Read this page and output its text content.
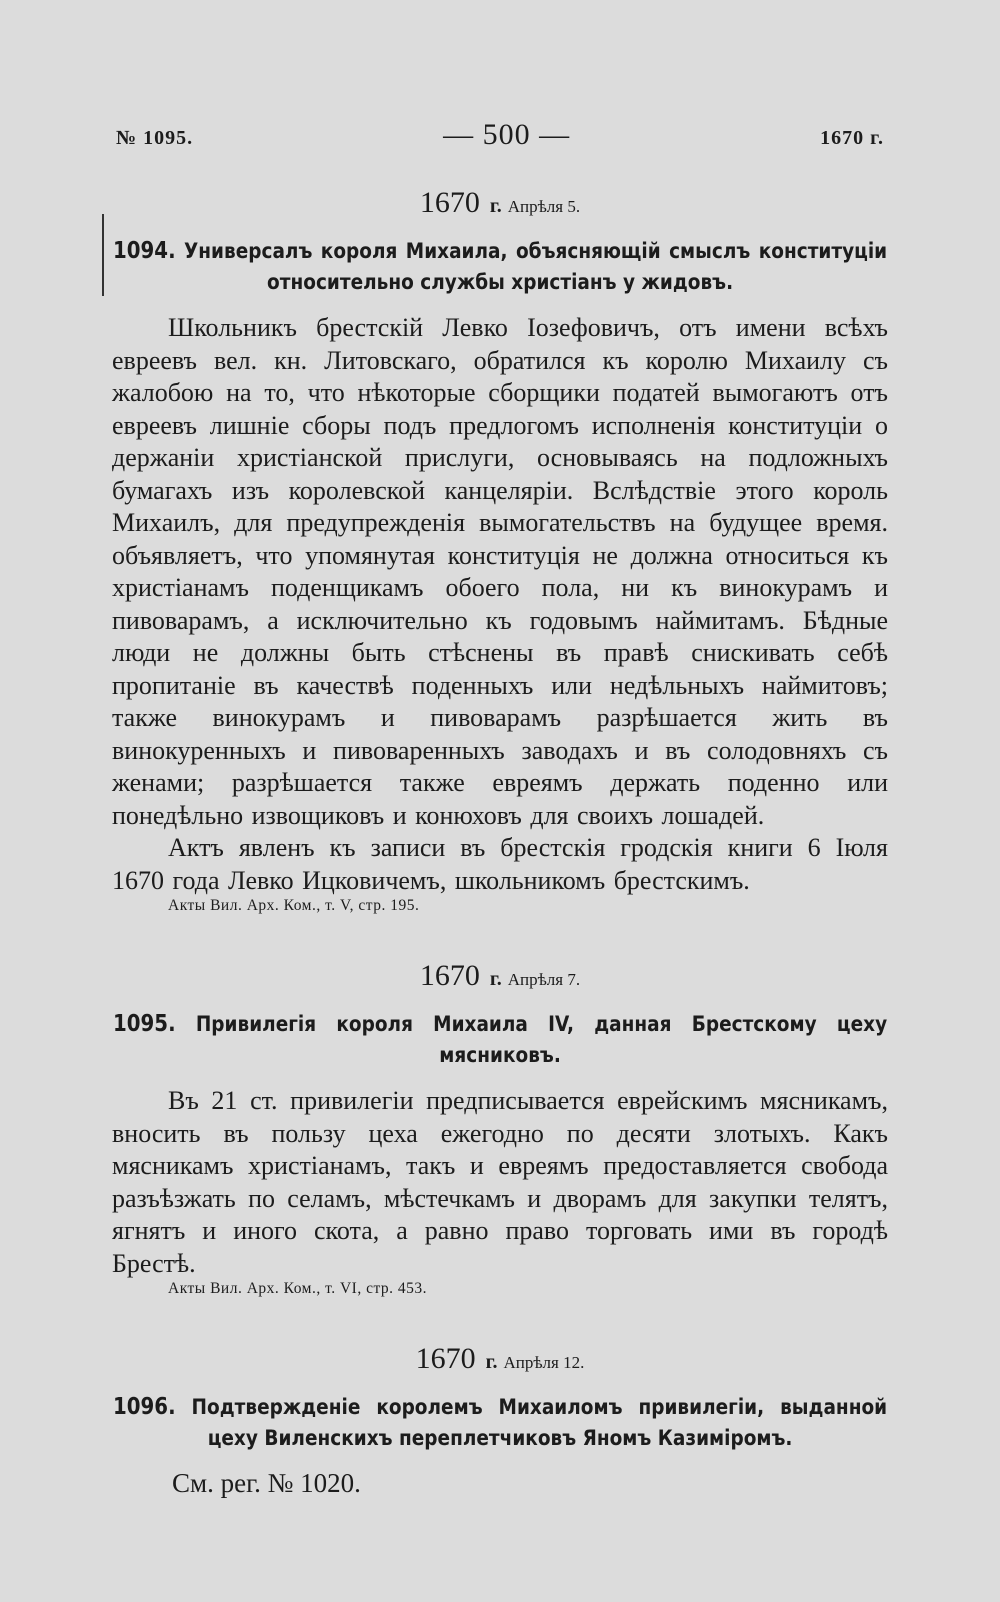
№ 1095.	— 500 —	1670 г.
1670 г. Апрѣля 5.
1094. Универсалъ короля Михаила, объясняющій смыслъ конституціи относительно службы христіанъ у жидовъ.

Школьникъ брестскій Левко Іозефовичъ, отъ имени всѣхъ евреевъ вел. кн. Литовскаго, обратился къ королю Михаилу съ жалобою на то, что нѣкоторые сборщики податей вымогаютъ отъ евреевъ лишніе сборы подъ предлогомъ исполненія конституціи о держаніи христіанской прислуги, основываясь на подложныхъ бумагахъ изъ королевской канцеляріи. Вслѣдствіе этого король Михаилъ, для предупрежденія вымогательствъ на будущее время. объявляетъ, что упомянутая конституція не должна относиться къ христіанамъ поденщикамъ обоего пола, ни къ винокурамъ и пивоварамъ, а исключительно къ годовымъ наймитамъ. Бѣдные люди не должны быть стѣснены въ правѣ снискивать себѣ пропитаніе въ качествѣ поденныхъ или недѣльныхъ наймитовъ; также винокурамъ и пивоварамъ разрѣшается жить въ винокуренныхъ и пивоваренныхъ заводахъ и въ солодовняхъ съ женами; разрѣшается также евреямъ держать поденно или понедѣльно извощиковъ и конюховъ для своихъ лошадей.

Актъ явленъ къ записи въ брестскія гродскія книги 6 Іюля 1670 года Левко Ицковичемъ, школьникомъ брестскимъ.

Акты Вил. Арх. Ком., т. V, стр. 195.

1670 г. Апрѣля 7.
1095. Привилегія короля Михаила IV, данная Брестскому цеху мясниковъ.

Въ 21 ст. привилегіи предписывается еврейскимъ мясникамъ, вносить въ пользу цеха ежегодно по десяти злотыхъ. Какъ мясникамъ христіанамъ, такъ и евреямъ предоставляется свобода разъѣзжать по селамъ, мѣстечкамъ и дворамъ для закупки телятъ, ягнятъ и иного скота, а равно право торговать ими въ городѣ Брестѣ.

Акты Вил. Арх. Ком., т. VI, стр. 453.

1670 г. Апрѣля 12.
1096. Подтвержденіе королемъ Михаиломъ привилегіи, выданной цеху Виленскихъ переплетчиковъ Яномъ Казиміромъ.
См. рег. № 1020.
